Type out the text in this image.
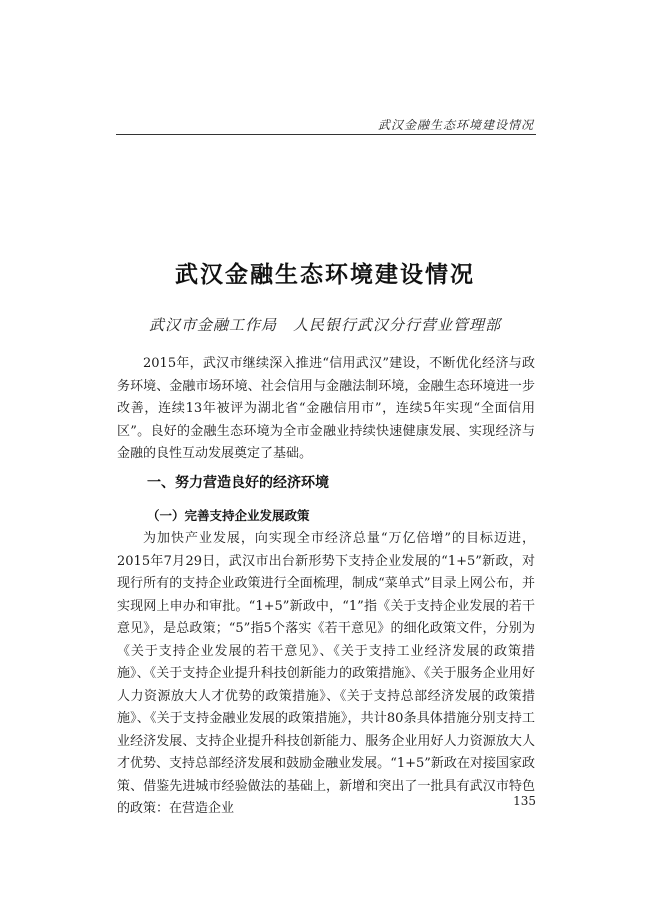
武汉金融生态环境建设情况
武汉金融生态环境建设情况
武汉市金融工作局 人民银行武汉分行营业管理部

2015年，武汉市继续深入推进“信用武汉”建设，不断优化经济与政务环境、金融市场环境、社会信用与金融法制环境，金融生态环境进一步改善，连续13年被评为湖北省“金融信用市”，连续5年实现“全面信用区”。良好的金融生态环境为全市金融业持续快速健康发展、实现经济与金融的良性互动发展奠定了基础。

一、努力营造良好的经济环境
（一）完善支持企业发展政策

为加快产业发展，向实现全市经济总量“万亿倍增”的目标迈进，2015年7月29日，武汉市出台新形势下支持企业发展的“1+5”新政，对现行所有的支持企业政策进行全面梳理，制成“菜单式”目录上网公布，并实现网上申办和审批。“1+5”新政中，“1”指《关于支持企业发展的若干意见》，是总政策；“5”指5个落实《若干意见》的细化政策文件，分别为《关于支持企业发展的若干意见》、《关于支持工业经济发展的政策措施》、《关于支持企业提升科技创新能力的政策措施》、《关于服务企业用好人力资源放大人才优势的政策措施》、《关于支持总部经济发展的政策措施》、《关于支持金融业发展的政策措施》，共计80条具体措施分别支持工业经济发展、支持企业提升科技创新能力、服务企业用好人力资源放大人才优势、支持总部经济发展和鼓励金融业发展。“1+5”新政在对接国家政策、借鉴先进城市经验做法的基础上，新增和突出了一批具有武汉市特色的政策：在营造企业	135
